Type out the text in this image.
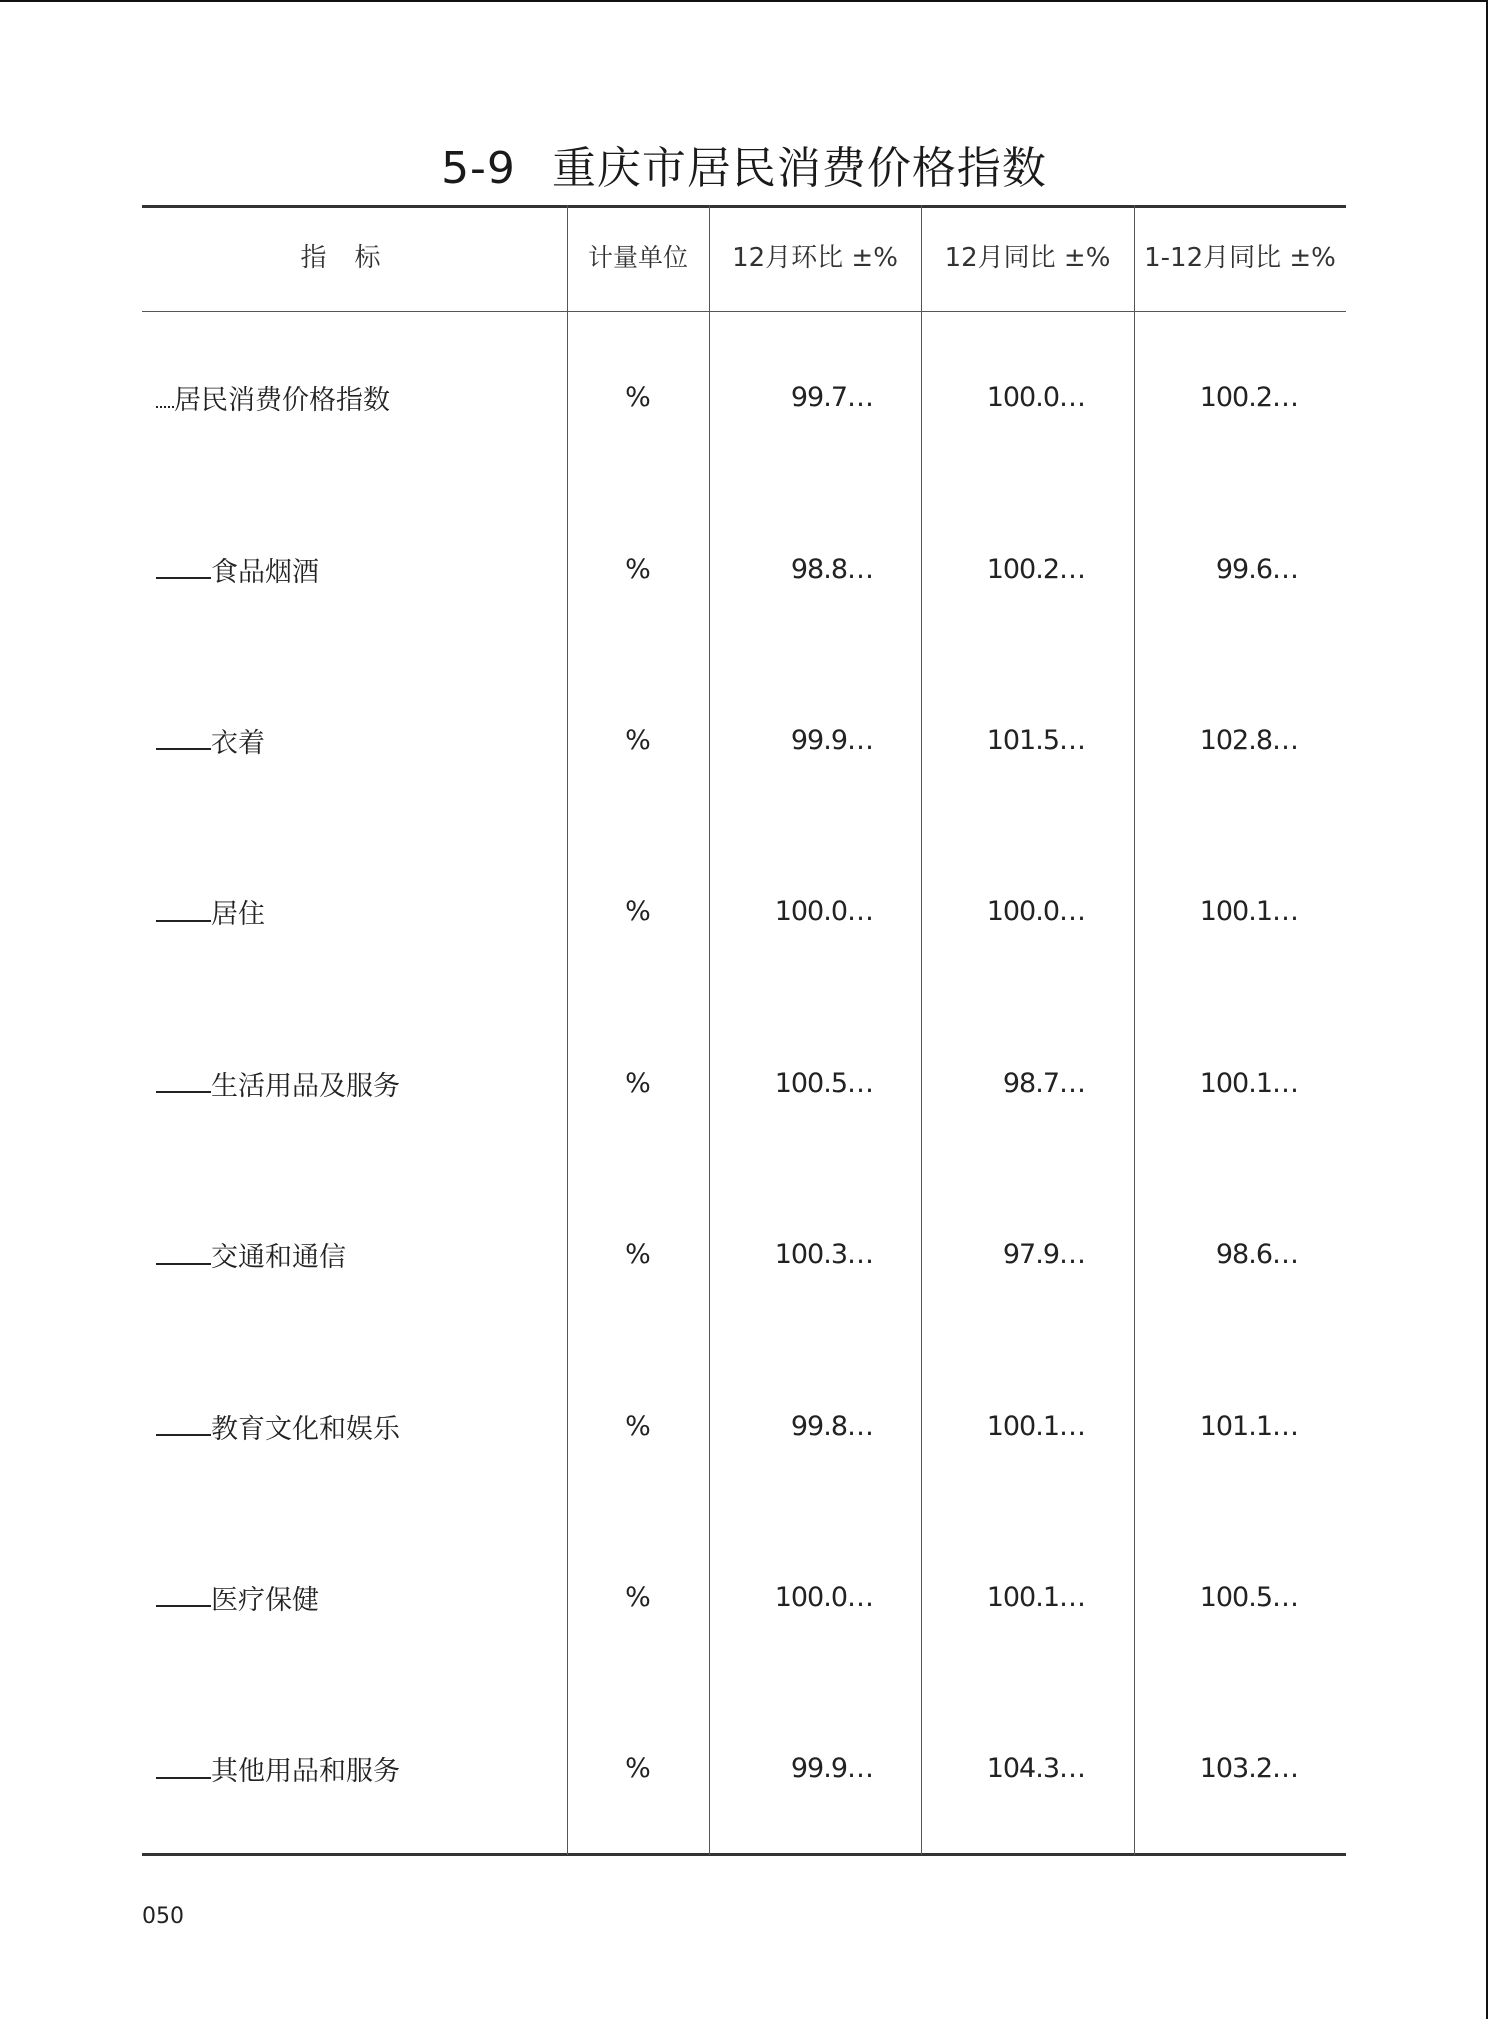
5-9 重庆市居民消费价格指数
指标	计量单位	12月环比 ±%	12月同比 ±%	1-12月同比 ±%
居民消费价格指数	%	99.7…	100.0…	100.2…
食品烟酒	%	98.8…	100.2…	99.6…
衣着	%	99.9…	101.5…	102.8…
居住	%	100.0…	100.0…	100.1…
生活用品及服务	%	100.5…	98.7…	100.1…
交通和通信	%	100.3…	97.9…	98.6…
教育文化和娱乐	%	99.8…	100.1…	101.1…
医疗保健	%	100.0…	100.1…	100.5…
其他用品和服务	%	99.9…	104.3…	103.2…
050
